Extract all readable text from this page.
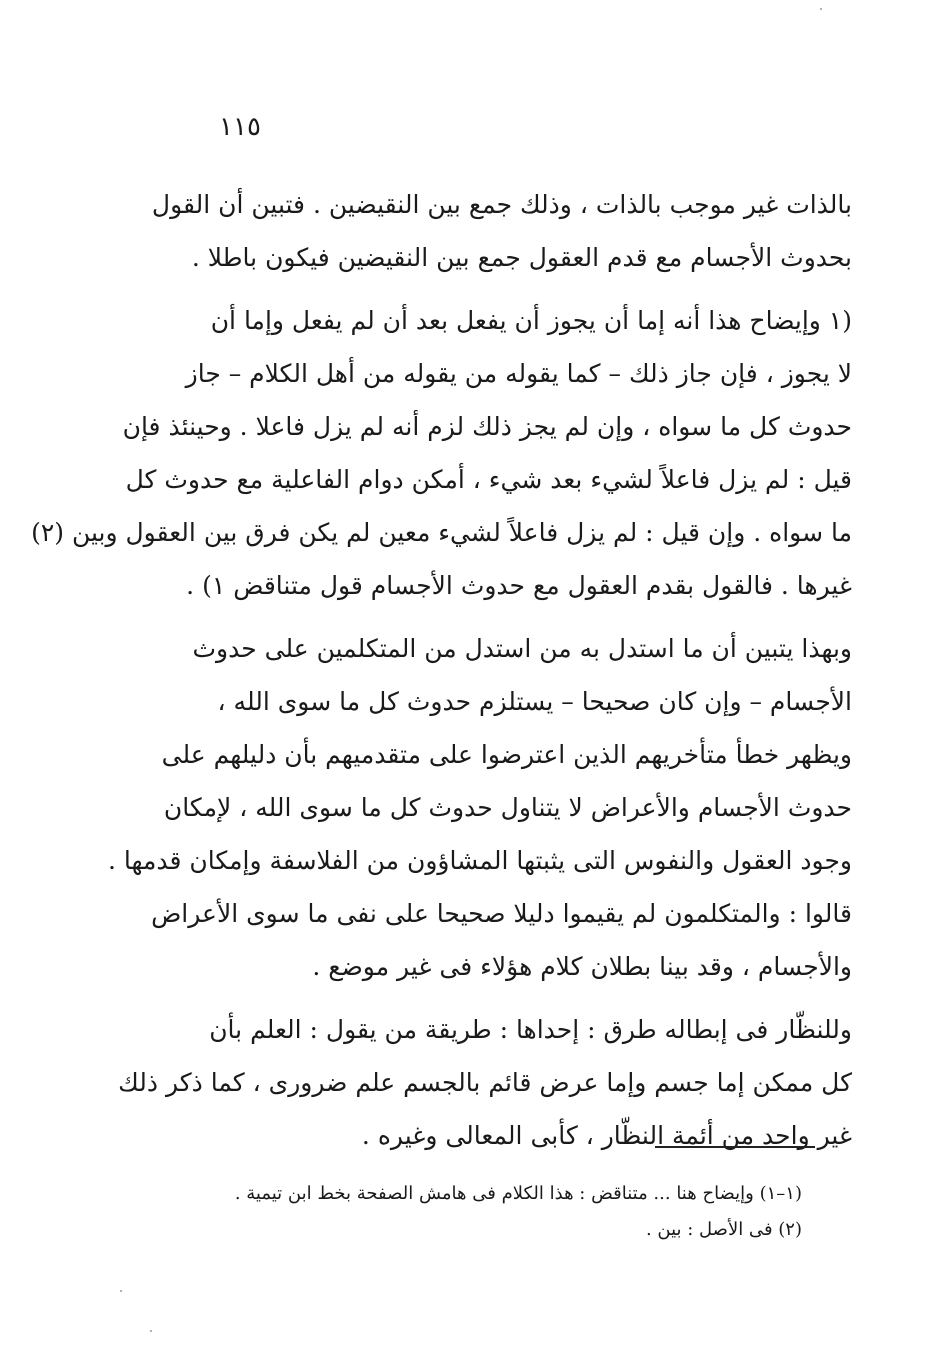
١١٥

بالذات غير موجب بالذات ، وذلك جمع بين النقيضين . فتبين أن القول
بحدوث الأجسام مع قدم العقول جمع بين النقيضين فيكون باطلا .

(١ وإيضاح هذا أنه إما أن يجوز أن يفعل بعد أن لم يفعل وإما أن
لا يجوز ، فإن جاز ذلك – كما يقوله من يقوله من أهل الكلام – جاز
حدوث كل ما سواه ، وإن لم يجز ذلك لزم أنه لم يزل فاعلا . وحينئذ فإن
قيل : لم يزل فاعلاً لشيء بعد شيء ، أمكن دوام الفاعلية مع حدوث كل
ما سواه . وإن قيل : لم يزل فاعلاً لشيء معين لم يكن فرق بين العقول وبين (٢)
غيرها . فالقول بقدم العقول مع حدوث الأجسام قول متناقض ١) .

وبهذا يتبين أن ما استدل به من استدل من المتكلمين على حدوث
الأجسام – وإن كان صحيحا – يستلزم حدوث كل ما سوى الله ،
ويظهر خطأ متأخريهم الذين اعترضوا على متقدميهم بأن دليلهم على
حدوث الأجسام والأعراض لا يتناول حدوث كل ما سوى الله ، لإمكان
وجود العقول والنفوس التى يثبتها المشاؤون من الفلاسفة وإمكان قدمها .
قالوا : والمتكلمون لم يقيموا دليلا صحيحا على نفى ما سوى الأعراض
والأجسام ، وقد بينا بطلان كلام هؤلاء فى غير موضع .

وللنظّار فى إبطاله طرق : إحداها : طريقة من يقول : العلم بأن
كل ممكن إما جسم وإما عرض قائم بالجسم علم ضرورى ، كما ذكر ذلك
غير واحد من أئمة النظّار ، كأبى المعالى وغيره .

(١–١) وإيضاح هنا ... متناقض : هذا الكلام فى هامش الصفحة بخط ابن تيمية .
(٢) فى الأصل : بين .
